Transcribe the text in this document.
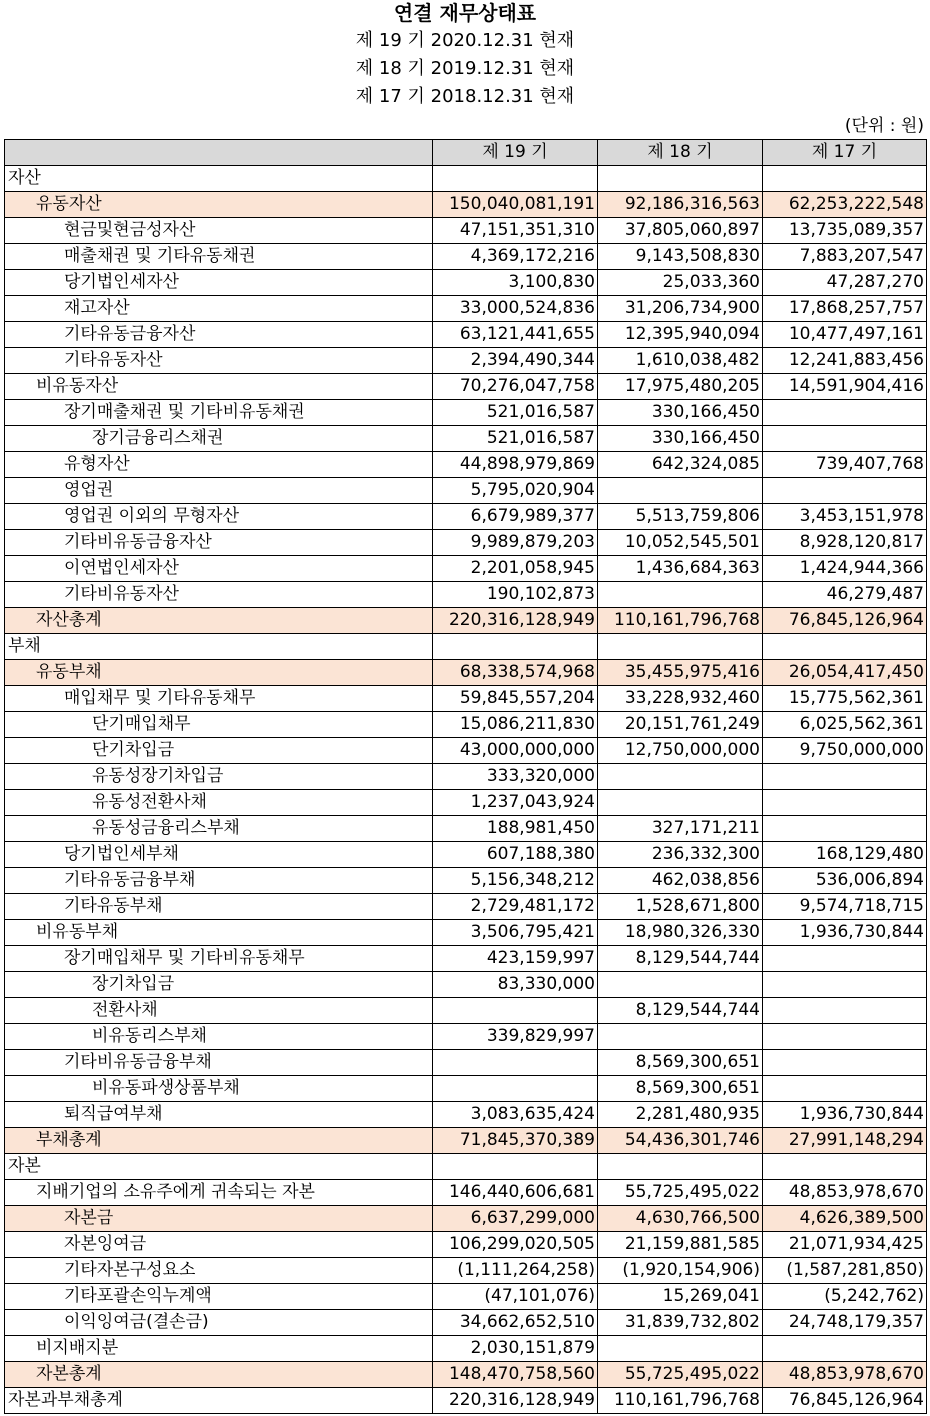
연결 재무상태표
제 19 기 2020.12.31 현재
제 18 기 2019.12.31 현재
제 17 기 2018.12.31 현재
(단위 : 원)
	제 19 기	제 18 기	제 17 기
자산			
유동자산	150,040,081,191	92,186,316,563	62,253,222,548
현금및현금성자산	47,151,351,310	37,805,060,897	13,735,089,357
매출채권 및 기타유동채권	4,369,172,216	9,143,508,830	7,883,207,547
당기법인세자산	3,100,830	25,033,360	47,287,270
재고자산	33,000,524,836	31,206,734,900	17,868,257,757
기타유동금융자산	63,121,441,655	12,395,940,094	10,477,497,161
기타유동자산	2,394,490,344	1,610,038,482	12,241,883,456
비유동자산	70,276,047,758	17,975,480,205	14,591,904,416
장기매출채권 및 기타비유동채권	521,016,587	330,166,450	
장기금융리스채권	521,016,587	330,166,450	
유형자산	44,898,979,869	642,324,085	739,407,768
영업권	5,795,020,904		
영업권 이외의 무형자산	6,679,989,377	5,513,759,806	3,453,151,978
기타비유동금융자산	9,989,879,203	10,052,545,501	8,928,120,817
이연법인세자산	2,201,058,945	1,436,684,363	1,424,944,366
기타비유동자산	190,102,873		46,279,487
자산총계	220,316,128,949	110,161,796,768	76,845,126,964
부채			
유동부채	68,338,574,968	35,455,975,416	26,054,417,450
매입채무 및 기타유동채무	59,845,557,204	33,228,932,460	15,775,562,361
단기매입채무	15,086,211,830	20,151,761,249	6,025,562,361
단기차입금	43,000,000,000	12,750,000,000	9,750,000,000
유동성장기차입금	333,320,000		
유동성전환사채	1,237,043,924		
유동성금융리스부채	188,981,450	327,171,211	
당기법인세부채	607,188,380	236,332,300	168,129,480
기타유동금융부채	5,156,348,212	462,038,856	536,006,894
기타유동부채	2,729,481,172	1,528,671,800	9,574,718,715
비유동부채	3,506,795,421	18,980,326,330	1,936,730,844
장기매입채무 및 기타비유동채무	423,159,997	8,129,544,744	
장기차입금	83,330,000		
전환사채		8,129,544,744	
비유동리스부채	339,829,997		
기타비유동금융부채		8,569,300,651	
비유동파생상품부채		8,569,300,651	
퇴직급여부채	3,083,635,424	2,281,480,935	1,936,730,844
부채총계	71,845,370,389	54,436,301,746	27,991,148,294
자본			
지배기업의 소유주에게 귀속되는 자본	146,440,606,681	55,725,495,022	48,853,978,670
자본금	6,637,299,000	4,630,766,500	4,626,389,500
자본잉여금	106,299,020,505	21,159,881,585	21,071,934,425
기타자본구성요소	(1,111,264,258)	(1,920,154,906)	(1,587,281,850)
기타포괄손익누계액	(47,101,076)	15,269,041	(5,242,762)
이익잉여금(결손금)	34,662,652,510	31,839,732,802	24,748,179,357
비지배지분	2,030,151,879		
자본총계	148,470,758,560	55,725,495,022	48,853,978,670
자본과부채총계	220,316,128,949	110,161,796,768	76,845,126,964
